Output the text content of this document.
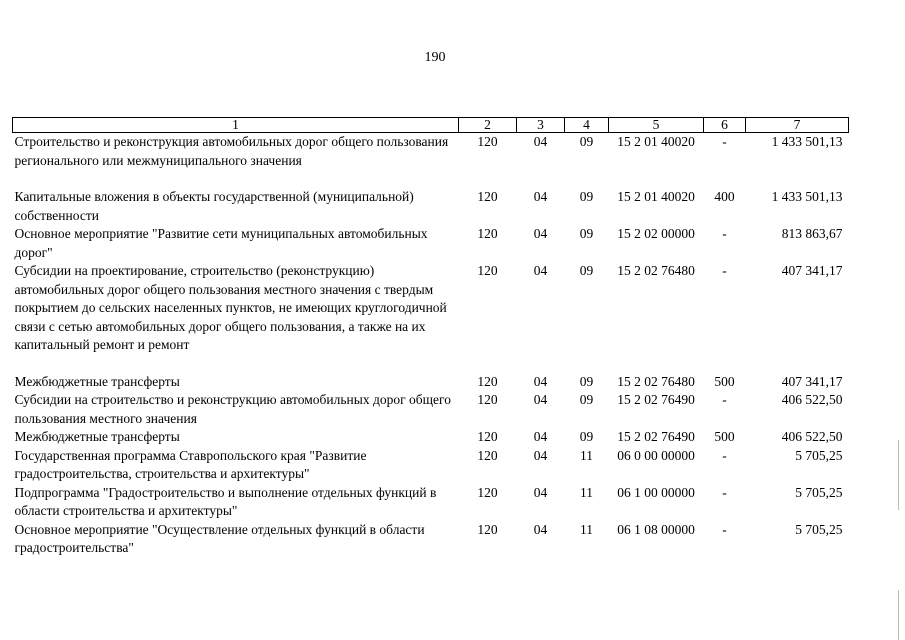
190
1	2	3	4	5	6	7
Строительство и реконструкция автомобильных дорог общего пользования регионального или межмуниципального значения	120	04	09	15 2 01 40020	-	1 433 501,13

Капитальные вложения в объекты государственной (муниципальной) собственности	120	04	09	15 2 01 40020	400	1 433 501,13
Основное мероприятие "Развитие сети муниципальных автомобильных дорог"	120	04	09	15 2 02 00000	-	813 863,67
Субсидии на проектирование, строительство (реконструкцию) автомобильных дорог общего пользования местного значения с твердым покрытием до сельских населенных пунктов, не имеющих круглогодичной связи с сетью автомобильных дорог общего пользования, а также на их капитальный ремонт и ремонт	120	04	09	15 2 02 76480	-	407 341,17

Межбюджетные трансферты	120	04	09	15 2 02 76480	500	407 341,17
Субсидии на строительство и реконструкцию автомобильных дорог общего пользования местного значения	120	04	09	15 2 02 76490	-	406 522,50
Межбюджетные трансферты	120	04	09	15 2 02 76490	500	406 522,50
Государственная программа Ставропольского края "Развитие градостроительства, строительства и архитектуры"	120	04	11	06 0 00 00000	-	5 705,25
Подпрограмма "Градостроительство и выполнение отдельных функций в области строительства и архитектуры"	120	04	11	06 1 00 00000	-	5 705,25
Основное мероприятие "Осуществление отдельных функций в области градостроительства"	120	04	11	06 1 08 00000	-	5 705,25
